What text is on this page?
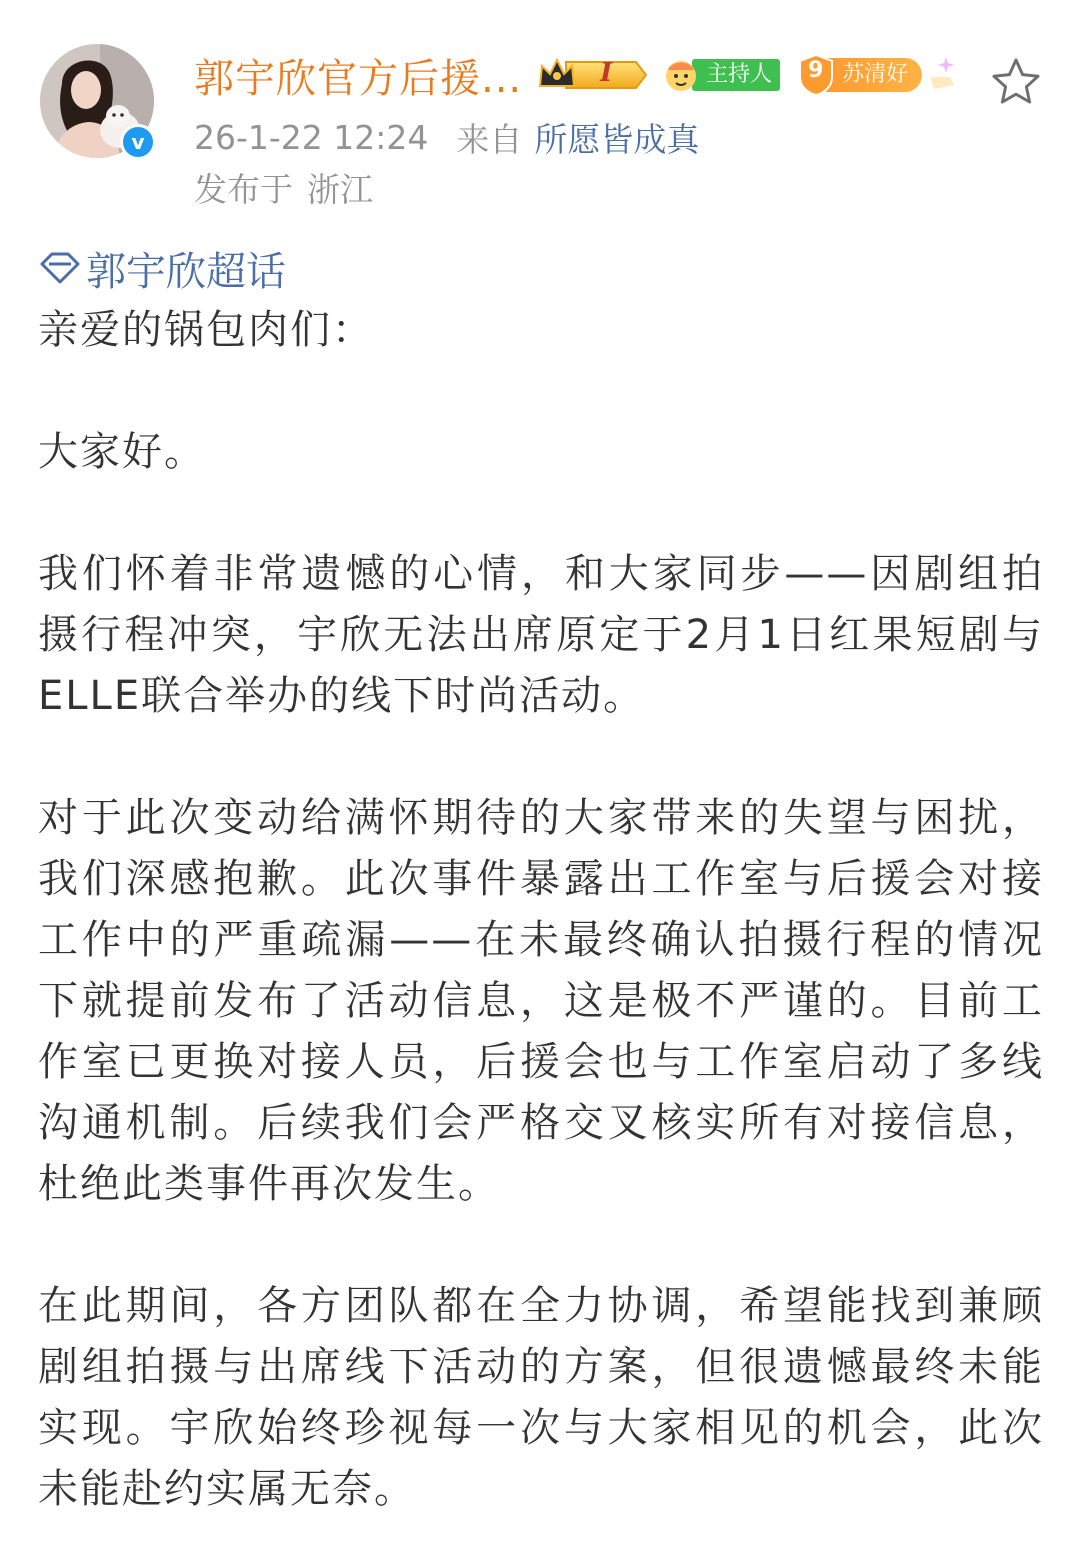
v
郭宇欣官方后援...	I	主持人	9 苏清好
26-1-22 12:24 来自 所愿皆成真
发布于 浙江
郭宇欣超话

亲爱的锅包肉们：

大家好。

我们怀着非常遗憾的心情，和大家同步——因剧组拍摄行程冲突，宇欣无法出席原定于2月1日红果短剧与ELLE联合举办的线下时尚活动。

对于此次变动给满怀期待的大家带来的失望与困扰，我们深感抱歉。此次事件暴露出工作室与后援会对接工作中的严重疏漏——在未最终确认拍摄行程的情况下就提前发布了活动信息，这是极不严谨的。目前工作室已更换对接人员，后援会也与工作室启动了多线沟通机制。后续我们会严格交叉核实所有对接信息，杜绝此类事件再次发生。

在此期间，各方团队都在全力协调，希望能找到兼顾剧组拍摄与出席线下活动的方案，但很遗憾最终未能实现。宇欣始终珍视每一次与大家相见的机会，此次未能赴约实属无奈。
